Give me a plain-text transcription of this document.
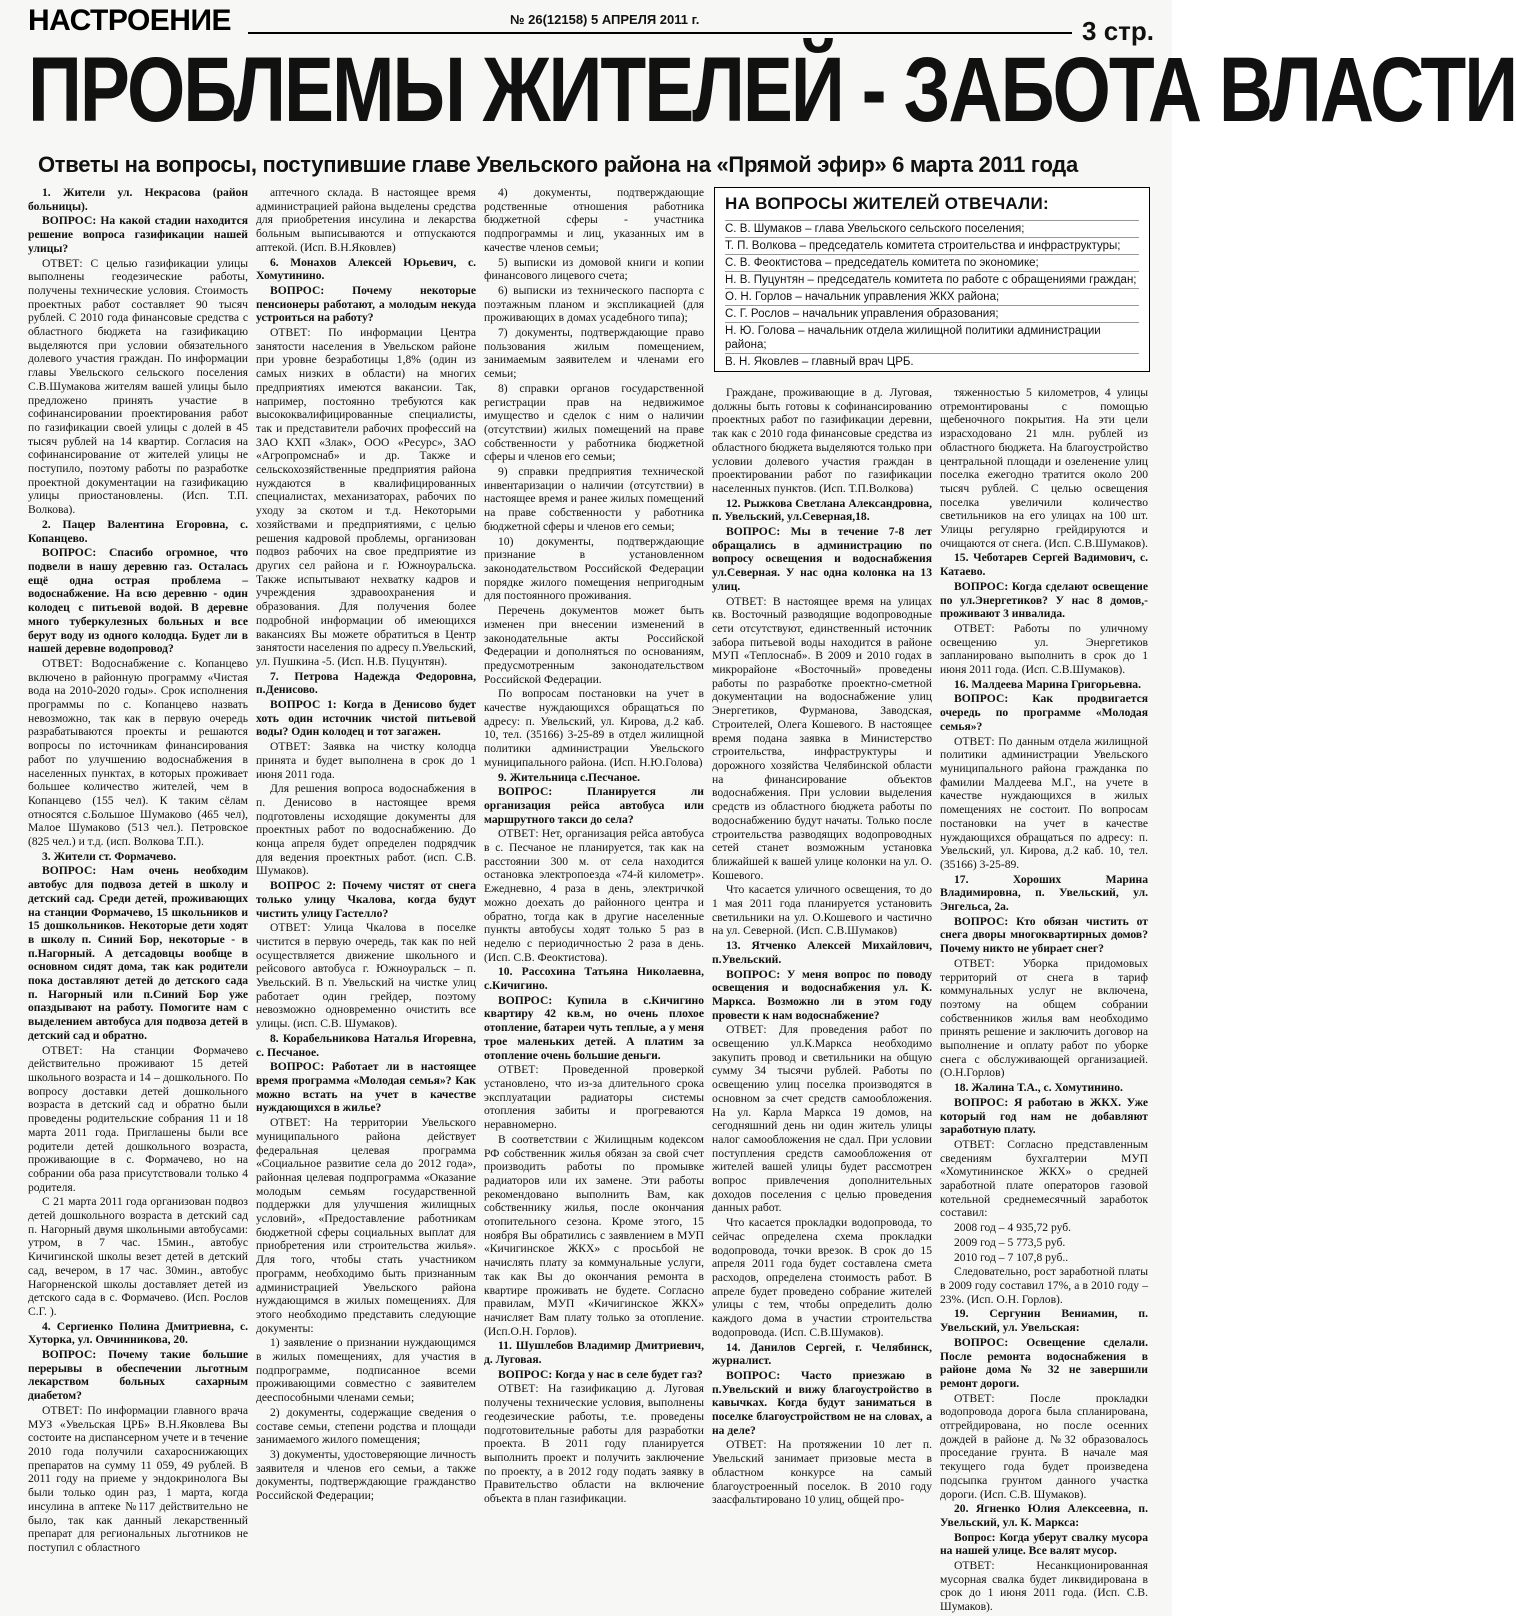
НАСТРОЕНИЕ	№ 26(12158) 5 АПРЕЛЯ 2011 г.	3 стр.
ПРОБЛЕМЫ ЖИТЕЛЕЙ - ЗАБОТА ВЛАСТИ
Ответы на вопросы, поступившие главе Увельского района на «Прямой эфир» 6 марта 2011 года

1. Жители ул. Некрасова (район больницы).

ВОПРОС: На какой стадии находится решение вопроса газификации нашей улицы?

ОТВЕТ: С целью газификации улицы выполнены геодезические работы, получены технические условия. Стоимость проектных работ составляет 90 тысяч рублей. С 2010 года финансовые средства с областного бюджета на газификацию выделяются при условии обязательного долевого участия граждан. По информации главы Увельского сельского поселения С.В.Шумакова жителям вашей улицы было предложено принять участие в софинансировании проектирования работ по газификации своей улицы с долей в 45 тысяч рублей на 14 квартир. Согласия на софинансирование от жителей улицы не поступило, поэтому работы по разработке проектной документации на газификацию улицы приостановлены. (Исп. Т.П. Волкова).

2. Пацер Валентина Егоровна, с. Копанцево.

ВОПРОС: Спасибо огромное, что подвели в нашу деревню газ. Осталась ещё одна острая проблема – водоснабжение. На всю деревню - один колодец с питьевой водой. В деревне много туберкулезных больных и все берут воду из одного колодца. Будет ли в нашей деревне водопровод?

ОТВЕТ: Водоснабжение с. Копанцево включено в районную программу «Чистая вода на 2010-2020 годы». Срок исполнения программы по с. Копанцево назвать невозможно, так как в первую очередь разрабатываются проекты и решаются вопросы по источникам финансирования работ по улучшению водоснабжения в населенных пунктах, в которых проживает большее количество жителей, чем в Копанцево (155 чел). К таким сёлам относятся с.Большое Шумаково (465 чел), Малое Шумаково (513 чел.). Петровское (825 чел.) и т.д. (исп. Волкова Т.П.).

3. Жители ст. Формачево.

ВОПРОС: Нам очень необходим автобус для подвоза детей в школу и детский сад. Среди детей, проживающих на станции Формачево, 15 школьников и 15 дошкольников. Некоторые дети ходят в школу п. Синий Бор, некоторые - в п.Нагорный. А детсадовцы вообще в основном сидят дома, так как родители пока доставляют детей до детского сада п. Нагорный или п.Синий Бор уже опаздывают на работу. Помогите нам с выделением автобуса для подвоза детей в детский сад и обратно.

ОТВЕТ: На станции Формачево действительно проживают 15 детей школьного возраста и 14 – дошкольного. По вопросу доставки детей дошкольного возраста в детский сад и обратно были проведены родительские собрания 11 и 18 марта 2011 года. Приглашены были все родители детей дошкольного возраста, проживающие в с. Формачево, но на собрании оба раза присутствовали только 4 родителя.

С 21 марта 2011 года организован подвоз детей дошкольного возраста в детский сад п. Нагорный двумя школьными автобусами: утром, в 7 час. 15мин., автобус Кичигинской школы везет детей в детский сад, вечером, в 17 час. 30мин., автобус Нагорненской школы доставляет детей из детского сада в с. Формачево. (Исп. Рослов С.Г. ).

4. Сергиенко Полина Дмитриевна, с. Хуторка, ул. Овчинникова, 20.

ВОПРОС: Почему такие большие перерывы в обеспечении льготным лекарством больных сахарным диабетом?

ОТВЕТ: По информации главного врача МУЗ «Увельская ЦРБ» В.Н.Яковлева Вы состоите на диспансерном учете и в течение 2010 года получили сахароснижающих препаратов на сумму 11 059, 49 рублей. В 2011 году на приеме у эндокринолога Вы были только один раз, 1 марта, когда инсулина в аптеке №117 действительно не было, так как данный лекарственный препарат для региональных льготников не поступил с областного

аптечного склада. В настоящее время администрацией района выделены средства для приобретения инсулина и лекарства больным выписываются и отпускаются аптекой. (Исп. В.Н.Яковлев)

6. Монахов Алексей Юрьевич, с. Хомутинино.

ВОПРОС: Почему некоторые пенсионеры работают, а молодым некуда устроиться на работу?

ОТВЕТ: По информации Центра занятости населения в Увельском районе при уровне безработицы 1,8% (один из самых низких в области) на многих предприятиях имеются вакансии. Так, например, постоянно требуются как высококвалифицированные специалисты, так и представители рабочих профессий на ЗАО КХП «Злак», ООО «Ресурс», ЗАО «Агропромснаб» и др. Также и сельскохозяйственные предприятия района нуждаются в квалифицированных специалистах, механизаторах, рабочих по уходу за скотом и т.д. Некоторыми хозяйствами и предприятиями, с целью решения кадровой проблемы, организован подвоз рабочих на свое предприятие из других сел района и г. Южноуральска. Также испытывают нехватку кадров и учреждения здравоохранения и образования. Для получения более подробной информации об имеющихся вакансиях Вы можете обратиться в Центр занятости населения по адресу п.Увельский, ул. Пушкина -5. (Исп. Н.В. Пуцунтян).

7. Петрова Надежда Федоровна, п.Денисово.

ВОПРОС 1: Когда в Денисово будет хоть один источник чистой питьевой воды? Один колодец и тот загажен.

ОТВЕТ: Заявка на чистку колодца принята и будет выполнена в срок до 1 июня 2011 года.

Для решения вопроса водоснабжения в п. Денисово в настоящее время подготовлены исходящие документы для проектных работ по водоснабжению. До конца апреля будет определен подрядчик для ведения проектных работ. (исп. С.В. Шумаков).

ВОПРОС 2: Почему чистят от снега только улицу Чкалова, когда будут чистить улицу Гастелло?

ОТВЕТ: Улица Чкалова в поселке чистится в первую очередь, так как по ней осуществляется движение школьного и рейсового автобуса г. Южноуральск – п. Увельский. В п. Увельский на чистке улиц работает один грейдер, поэтому невозможно одновременно очистить все улицы. (исп. С.В. Шумаков).

8. Корабельникова Наталья Игоревна, с. Песчаное.

ВОПРОС: Работает ли в настоящее время программа «Молодая семья»? Как можно встать на учет в качестве нуждающихся в жилье?

ОТВЕТ: На территории Увельского муниципального района действует федеральная целевая программа «Социальное развитие села до 2012 года», районная целевая подпрограмма «Оказание молодым семьям государственной поддержки для улучшения жилищных условий», «Предоставление работникам бюджетной сферы социальных выплат для приобретения или строительства жилья». Для того, чтобы стать участником программ, необходимо быть признанным администрацией Увельского района нуждающимся в жилых помещениях. Для этого необходимо представить следующие документы:

1) заявление о признании нуждающимся в жилых помещениях, для участия в подпрограмме, подписанное всеми проживающими совместно с заявителем дееспособными членами семьи;

2) документы, содержащие сведения о составе семьи, степени родства и площади занимаемого жилого помещения;

3) документы, удостоверяющие личность заявителя и членов его семьи, а также документы, подтверждающие гражданство Российской Федерации;

4) документы, подтверждающие родственные отношения работника бюджетной сферы - участника подпрограммы и лиц, указанных им в качестве членов семьи;

5) выписки из домовой книги и копии финансового лицевого счета;

6) выписки из технического паспорта с поэтажным планом и экспликацией (для проживающих в домах усадебного типа);

7) документы, подтверждающие право пользования жилым помещением, занимаемым заявителем и членами его семьи;

8) справки органов государственной регистрации прав на недвижимое имущество и сделок с ним о наличии (отсутствии) жилых помещений на праве собственности у работника бюджетной сферы и членов его семьи;

9) справки предприятия технической инвентаризации о наличии (отсутствии) в настоящее время и ранее жилых помещений на праве собственности у работника бюджетной сферы и членов его семьи;

10) документы, подтверждающие признание в установленном законодательством Российской Федерации порядке жилого помещения непригодным для постоянного проживания.

Перечень документов может быть изменен при внесении изменений в законодательные акты Российской Федерации и дополняться по основаниям, предусмотренным законодательством Российской Федерации.

По вопросам постановки на учет в качестве нуждающихся обращаться по адресу: п. Увельский, ул. Кирова, д.2 каб. 10, тел. (35166) 3-25-89 в отдел жилищной политики администрации Увельского муниципального района. (Исп. Н.Ю.Голова)

9. Жительница с.Песчаное.

ВОПРОС: Планируется ли организация рейса автобуса или маршрутного такси до села?

ОТВЕТ: Нет, организация рейса автобуса в с. Песчаное не планируется, так как на расстоянии 300 м. от села находится остановка электропоезда «74-й километр». Ежедневно, 4 раза в день, электричкой можно доехать до районного центра и обратно, тогда как в другие населенные пункты автобусы ходят только 5 раз в неделю с периодичностью 2 раза в день.(Исп. С.В. Феоктистова).

10. Рассохина Татьяна Николаевна, с.Кичигино.

ВОПРОС: Купила в с.Кичигино квартиру 42 кв.м, но очень плохое отопление, батареи чуть теплые, а у меня трое маленьких детей. А платим за отопление очень большие деньги.

ОТВЕТ: Проведенной проверкой установлено, что из-за длительного срока эксплуатации радиаторы системы отопления забиты и прогреваются неравномерно.

В соответствии с Жилищным кодексом РФ собственник жилья обязан за свой счет производить работы по промывке радиаторов или их замене. Эти работы рекомендовано выполнить Вам, как собственнику жилья, после окончания отопительного сезона. Кроме этого, 15 ноября Вы обратились с заявлением в МУП «Кичигинское ЖКХ» с просьбой не начислять плату за коммунальные услуги, так как Вы до окончания ремонта в квартире проживать не будете. Согласно правилам, МУП «Кичигинское ЖКХ» начисляет Вам плату только за отопление. (Исп.О.Н. Горлов).

11. Шушлебов Владимир Дмитриевич, д. Луговая.

ВОПРОС: Когда у нас в селе будет газ?

ОТВЕТ: На газификацию д. Луговая получены технические условия, выполнены геодезические работы, т.е. проведены подготовительные работы для разработки проекта. В 2011 году планируется выполнить проект и получить заключение по проекту, а в 2012 году подать заявку в Правительство области на включение объекта в план газификации.

НА ВОПРОСЫ ЖИТЕЛЕЙ ОТВЕЧАЛИ:
С. В. Шумаков – глава Увельского сельского поселения;
Т. П. Волкова – председатель комитета строительства и инфраструктуры;
С. В. Феоктистова – председатель комитета по экономике;
Н. В. Пуцунтян – председатель комитета по работе с обращениями граждан;
О. Н. Горлов – начальник управления ЖКХ района;
С. Г. Рослов – начальник управления образования;
Н. Ю. Голова – начальник отдела жилищной политики администрации района;
В. Н. Яковлев – главный врач ЦРБ.

Граждане, проживающие в д. Луговая, должны быть готовы к софинансированию проектных работ по газификации деревни, так как с 2010 года финансовые средства из областного бюджета выделяются только при условии долевого участия граждан в проектировании работ по газификации населенных пунктов. (Исп. Т.П.Волкова)

12. Рыжкова Светлана Александровна, п. Увельский, ул.Северная,18.

ВОПРОС: Мы в течение 7-8 лет обращались в администрацию по вопросу освещения и водоснабжения ул.Северная. У нас одна колонка на 13 улиц.

ОТВЕТ: В настоящее время на улицах кв. Восточный разводящие водопроводные сети отсутствуют, единственный источник забора питьевой воды находится в районе МУП «Теплоснаб». В 2009 и 2010 годах в микрорайоне «Восточный» проведены работы по разработке проектно-сметной документации на водоснабжение улиц Энергетиков, Фурманова, Заводская, Строителей, Олега Кошевого. В настоящее время подана заявка в Министерство строительства, инфраструктуры и дорожного хозяйства Челябинской области на финансирование объектов водоснабжения. При условии выделения средств из областного бюджета работы по водоснабжению будут начаты. Только после строительства разводящих водопроводных сетей станет возможным установка ближайшей к вашей улице колонки на ул. О. Кошевого.

Что касается уличного освещения, то до 1 мая 2011 года планируется установить светильники на ул. О.Кошевого и частично на ул. Северной. (Исп. С.В.Шумаков)

13. Ятченко Алексей Михайлович, п.Увельский.

ВОПРОС: У меня вопрос по поводу освещения и водоснабжения ул. К. Маркса. Возможно ли в этом году провести к нам водоснабжение?

ОТВЕТ: Для проведения работ по освещению ул.К.Маркса необходимо закупить провод и светильники на общую сумму 34 тысячи рублей. Работы по освещению улиц поселка производятся в основном за счет средств самообложения. На ул. Карла Маркса 19 домов, на сегодняшний день ни один житель улицы налог самообложения не сдал. При условии поступления средств самообложения от жителей вашей улицы будет рассмотрен вопрос привлечения дополнительных доходов поселения с целью проведения данных работ.

Что касается прокладки водопровода, то сейчас определена схема прокладки водопровода, точки врезок. В срок до 15 апреля 2011 года будет составлена смета расходов, определена стоимость работ. В апреле будет проведено собрание жителей улицы с тем, чтобы определить долю каждого дома в участии строительства водопровода. (Исп. С.В.Шумаков).

14. Данилов Сергей, г. Челябинск, журналист.

ВОПРОС: Часто приезжаю в п.Увельский и вижу благоустройство в кавычках. Когда будут заниматься в поселке благоустройством не на словах, а на деле?

ОТВЕТ: На протяжении 10 лет п. Увельский занимает призовые места в областном конкурсе на самый благоустроенный поселок. В 2010 году заасфальтировано 10 улиц, общей про-

тяженностью 5 километров, 4 улицы отремонтированы с помощью щебеночного покрытия. На эти цели израсходовано 21 млн. рублей из областного бюджета. На благоустройство центральной площади и озеленение улиц поселка ежегодно тратится около 200 тысяч рублей. С целью освещения поселка увеличили количество светильников на его улицах на 100 шт. Улицы регулярно грейдируются и очищаются от снега. (Исп. С.В.Шумаков).

15. Чеботарев Сергей Вадимович, с. Катаево.

ВОПРОС: Когда сделают освещение по ул.Энергетиков? У нас 8 домов,-проживают 3 инвалида.

ОТВЕТ: Работы по уличному освещению ул. Энергетиков запланировано выполнить в срок до 1 июня 2011 года. (Исп. С.В.Шумаков).

16. Малдеева Марина Григорьевна.

ВОПРОС: Как продвигается очередь по программе «Молодая семья»?

ОТВЕТ: По данным отдела жилищной политики администрации Увельского муниципального района гражданка по фамилии Малдеева М.Г., на учете в качестве нуждающихся в жилых помещениях не состоит. По вопросам постановки на учет в качестве нуждающихся обращаться по адресу: п. Увельский, ул. Кирова, д.2 каб. 10, тел. (35166) 3-25-89.

17. Хорошиx Марина Владимировна, п. Увельский, ул. Энгельса, 2а.

ВОПРОС: Кто обязан чистить от снега дворы многоквартирных домов? Почему никто не убирает снег?

ОТВЕТ: Уборка придомовых территорий от снега в тариф коммунальных услуг не включена, поэтому на общем собрании собственников жилья вам необходимо принять решение и заключить договор на выполнение и оплату работ по уборке снега с обслуживающей организацией. (О.Н.Горлов)

18. Жалина Т.А., с. Хомутинино.

ВОПРОС: Я работаю в ЖКХ. Уже который год нам не добавляют заработную плату.

ОТВЕТ: Согласно представленным сведениям бухгалтерии МУП «Хомутининское ЖКХ» о средней заработной плате операторов газовой котельной среднемесячный заработок составил:

2008 год – 4 935,72 руб.

2009 год – 5 773,5 руб.

2010 год – 7 107,8 руб..

Следовательно, рост заработной платы в 2009 году составил 17%, а в 2010 году – 23%. (Исп. О.Н. Горлов).

19. Сергунин Вениамин, п. Увельский, ул. Увельская:

ВОПРОС: Освещение сделали. После ремонта водоснабжения в районе дома № 32 не завершили ремонт дороги.

ОТВЕТ: После прокладки водопровода дорога была спланирована, отгрейдирована, но после осенних дождей в районе д. №32 образовалось проседание грунта. В начале мая текущего года будет произведена подсыпка грунтом данного участка дороги. (Исп. С.В. Шумаков).

20. Ягненко Юлия Алексеевна, п. Увельский, ул. К. Маркса:

Вопрос: Когда уберут свалку мусора на нашей улице. Все валят мусор.

ОТВЕТ: Несанкционированная мусорная свалка будет ликвидирована в срок до 1 июня 2011 года. (Исп. С.В. Шумаков).
